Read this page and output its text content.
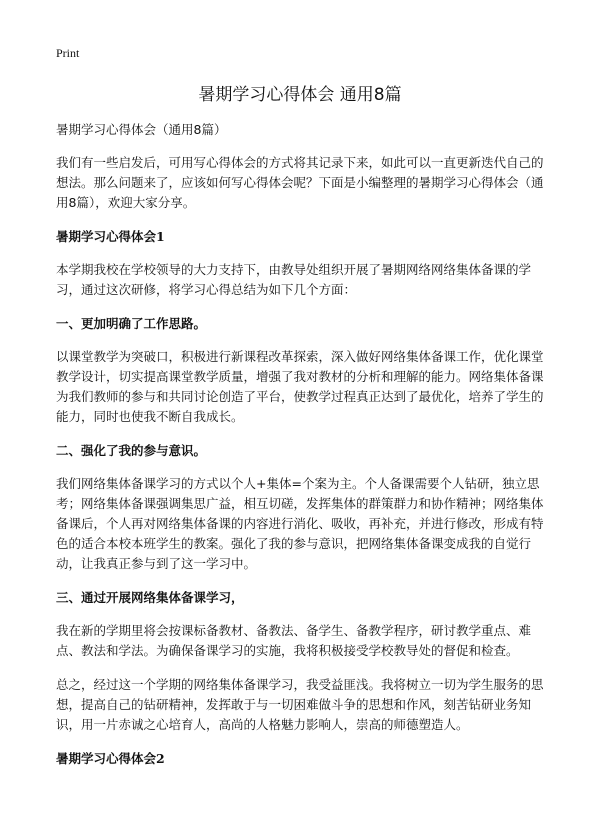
Print
暑期学习心得体会 通用8篇

暑期学习心得体会（通用8篇）

我们有一些启发后，可用写心得体会的方式将其记录下来，如此可以一直更新迭代自己的想法。那么问题来了，应该如何写心得体会呢？下面是小编整理的暑期学习心得体会（通用8篇），欢迎大家分享。

暑期学习心得体会1

本学期我校在学校领导的大力支持下，由教导处组织开展了暑期网络网络集体备课的学习，通过这次研修，将学习心得总结为如下几个方面：

一、更加明确了工作思路。

以课堂教学为突破口，积极进行新课程改革探索，深入做好网络集体备课工作，优化课堂教学设计，切实提高课堂教学质量，增强了我对教材的分析和理解的能力。网络集体备课为我们教师的参与和共同讨论创造了平台，使教学过程真正达到了最优化，培养了学生的能力，同时也使我不断自我成长。

二、强化了我的参与意识。

我们网络集体备课学习的方式以个人+集体=个案为主。个人备课需要个人钻研，独立思考；网络集体备课强调集思广益，相互切磋，发挥集体的群策群力和协作精神；网络集体备课后，个人再对网络集体备课的内容进行消化、吸收，再补充，并进行修改，形成有特色的适合本校本班学生的教案。强化了我的参与意识，把网络集体备课变成我的自觉行动，让我真正参与到了这一学习中。

三、通过开展网络集体备课学习，

我在新的学期里将会按课标备教材、备教法、备学生、备教学程序，研讨教学重点、难点、教法和学法。为确保备课学习的实施，我将积极接受学校教导处的督促和检查。

总之，经过这一个学期的网络集体备课学习，我受益匪浅。我将树立一切为学生服务的思想，提高自己的钻研精神，发挥敢于与一切困难做斗争的思想和作风，刻苦钻研业务知识，用一片赤诚之心培育人，高尚的人格魅力影响人，崇高的师德塑造人。

暑期学习心得体会2
